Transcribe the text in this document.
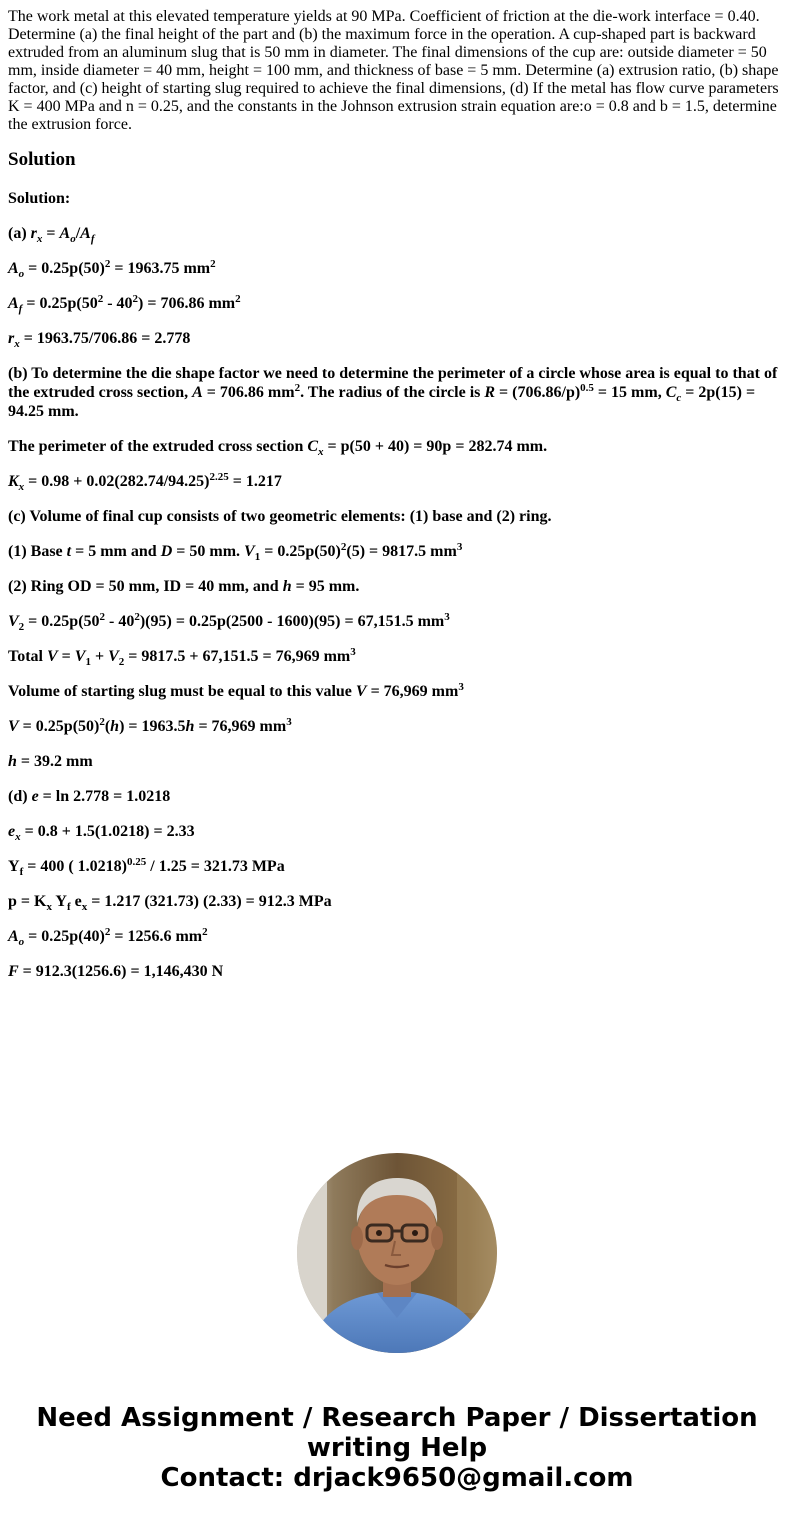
The work metal at this elevated temperature yields at 90 MPa. Coefficient of friction at the die-work interface = 0.40. Determine (a) the final height of the part and (b) the maximum force in the operation. A cup-shaped part is backward extruded from an aluminum slug that is 50 mm in diameter. The final dimensions of the cup are: outside diameter = 50 mm, inside diameter = 40 mm, height = 100 mm, and thickness of base = 5 mm. Determine (a) extrusion ratio, (b) shape factor, and (c) height of starting slug required to achieve the final dimensions, (d) If the metal has flow curve parameters K = 400 MPa and n = 0.25, and the constants in the Johnson extrusion strain equation are:o = 0.8 and b = 1.5, determine the extrusion force.

Solution

Solution:

(a) $r_x = A_o/A_f$

$A_o = 0.25p(50)^2 = 1963.75$ $mm^2$

$A_f = 0.25p(50^2 - 40^2) = 706.86$ $mm^2$

$r_x = 1963.75/706.86 = 2.778$

(b) To determine the die shape factor we need to determine the perimeter of a circle whose area is equal to that of the extruded cross section, A = 706.86 $mm^2$. The radius of the circle is $R = (706.86/p)^{0.5} = 15$ mm, $C_c = 2p(15) = 94.25$ mm.

The perimeter of the extruded cross section $C_x = p(50 + 40) = 90p = 282.74$ mm.

$K_x = 0.98 + 0.02(282.74/94.25)^{2.25} = 1.217$

(c) Volume of final cup consists of two geometric elements: (1) base and (2) ring.

(1) Base t = 5 mm and D = 50 mm. $V_1 = 0.25p(50)^2(5) = 9817.5$ $mm^3$

(2) Ring OD = 50 mm, ID = 40 mm, and h = 95 mm.

$V_2 = 0.25p(50^2 - 40^2)(95) = 0.25p(2500 - 1600)(95) = 67,151.5$ $mm^3$

Total $V = V_1 + V_2 = 9817.5 + 67,151.5 = 76,969$ $mm^3$

Volume of starting slug must be equal to this value V = 76,969 $mm^3$

$V = 0.25p(50)^2(h) = 1963.5h = 76,969$ $mm^3$

h = 39.2 mm

(d) e = ln 2.778 = 1.0218

$e_x = 0.8 + 1.5(1.0218) = 2.33$

$Y_f = 400$ ( 1.0218)$^{0.25}$ / 1.25 = 321.73 MPa

$p = K_x$ $Y_f$ $e_x = 1.217$ (321.73) (2.33) = 912.3 MPa

$A_o = 0.25p(40)^2 = 1256.6$ $mm^2$

F = 912.3(1256.6) = 1,146,430 N

Need Assignment / Research Paper / Dissertation
writing Help
Contact: drjack9650@gmail.com
